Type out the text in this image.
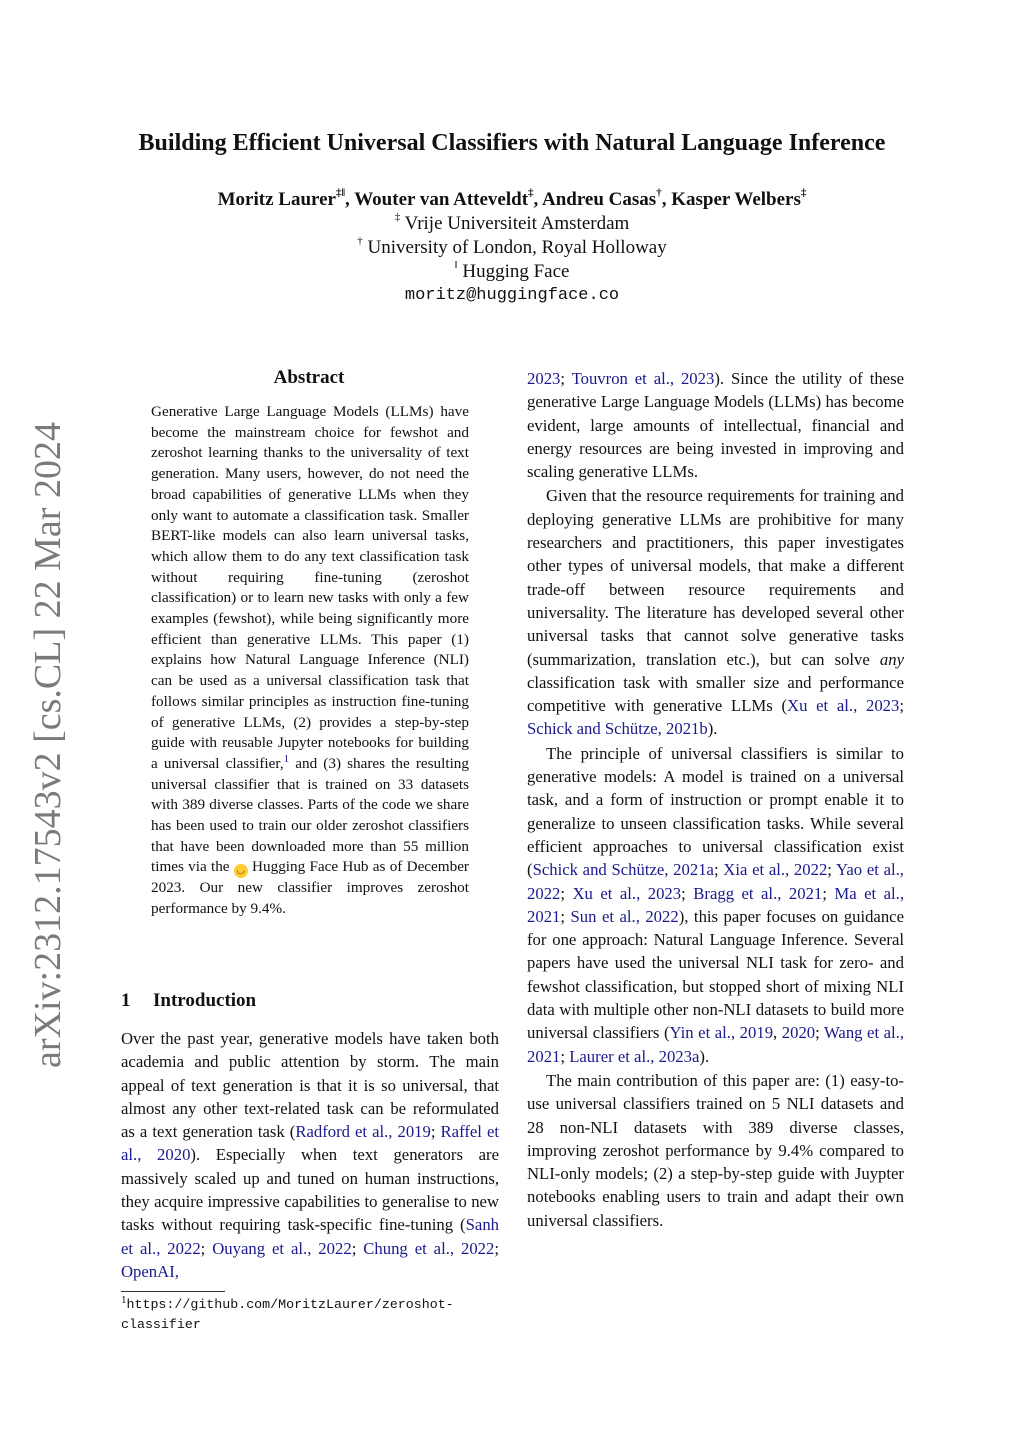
arXiv:2312.17543v2 [cs.CL] 22 Mar 2024
Building Efficient Universal Classifiers with Natural Language Inference
Moritz Laurer‡‖, Wouter van Atteveldt‡, Andreu Casas†, Kasper Welbers‡
‡ Vrije Universiteit Amsterdam
† University of London, Royal Holloway
‖ Hugging Face
moritz@huggingface.co
Abstract

Generative Large Language Models (LLMs) have become the mainstream choice for fewshot and zeroshot learning thanks to the universality of text generation. Many users, however, do not need the broad capabilities of generative LLMs when they only want to automate a classification task. Smaller BERT-like models can also learn universal tasks, which allow them to do any text classification task without requiring fine-tuning (zeroshot classification) or to learn new tasks with only a few examples (fewshot), while being significantly more efficient than generative LLMs. This paper (1) explains how Natural Language Inference (NLI) can be used as a universal classification task that follows similar principles as instruction fine-tuning of generative LLMs, (2) provides a step-by-step guide with reusable Jupyter notebooks for building a universal classifier,$^1$ and (3) shares the resulting universal classifier that is trained on 33 datasets with 389 diverse classes. Parts of the code we share has been used to train our older zeroshot classifiers that have been downloaded more than 55 million times via the ◡ Hugging Face Hub as of December 2023. Our new classifier improves zeroshot performance by 9.4%.

1 Introduction

Over the past year, generative models have taken both academia and public attention by storm. The main appeal of text generation is that it is so universal, that almost any other text-related task can be reformulated as a text generation task (Radford et al., 2019; Raffel et al., 2020). Especially when text generators are massively scaled up and tuned on human instructions, they acquire impressive capabilities to generalise to new tasks without requiring task-specific fine-tuning (Sanh et al., 2022; Ouyang et al., 2022; Chung et al., 2022; OpenAI,

2023; Touvron et al., 2023). Since the utility of these generative Large Language Models (LLMs) has become evident, large amounts of intellectual, financial and energy resources are being invested in improving and scaling generative LLMs.

Given that the resource requirements for training and deploying generative LLMs are prohibitive for many researchers and practitioners, this paper investigates other types of universal models, that make a different trade-off between resource requirements and universality. The literature has developed several other universal tasks that cannot solve generative tasks (summarization, translation etc.), but can solve any classification task with smaller size and performance competitive with generative LLMs (Xu et al., 2023; Schick and Schütze, 2021b).

The principle of universal classifiers is similar to generative models: A model is trained on a universal task, and a form of instruction or prompt enable it to generalize to unseen classification tasks. While several efficient approaches to universal classification exist (Schick and Schütze, 2021a; Xia et al., 2022; Yao et al., 2022; Xu et al., 2023; Bragg et al., 2021; Ma et al., 2021; Sun et al., 2022), this paper focuses on guidance for one approach: Natural Language Inference. Several papers have used the universal NLI task for zero- and fewshot classification, but stopped short of mixing NLI data with multiple other non-NLI datasets to build more universal classifiers (Yin et al., 2019, 2020; Wang et al., 2021; Laurer et al., 2023a).

The main contribution of this paper are: (1) easy-to-use universal classifiers trained on 5 NLI datasets and 28 non-NLI datasets with 389 diverse classes, improving zeroshot performance by 9.4% compared to NLI-only models; (2) a step-by-step guide with Juypter notebooks enabling users to train and adapt their own universal classifiers.

$^1$https://github.com/MoritzLaurer/zeroshot-classifier
